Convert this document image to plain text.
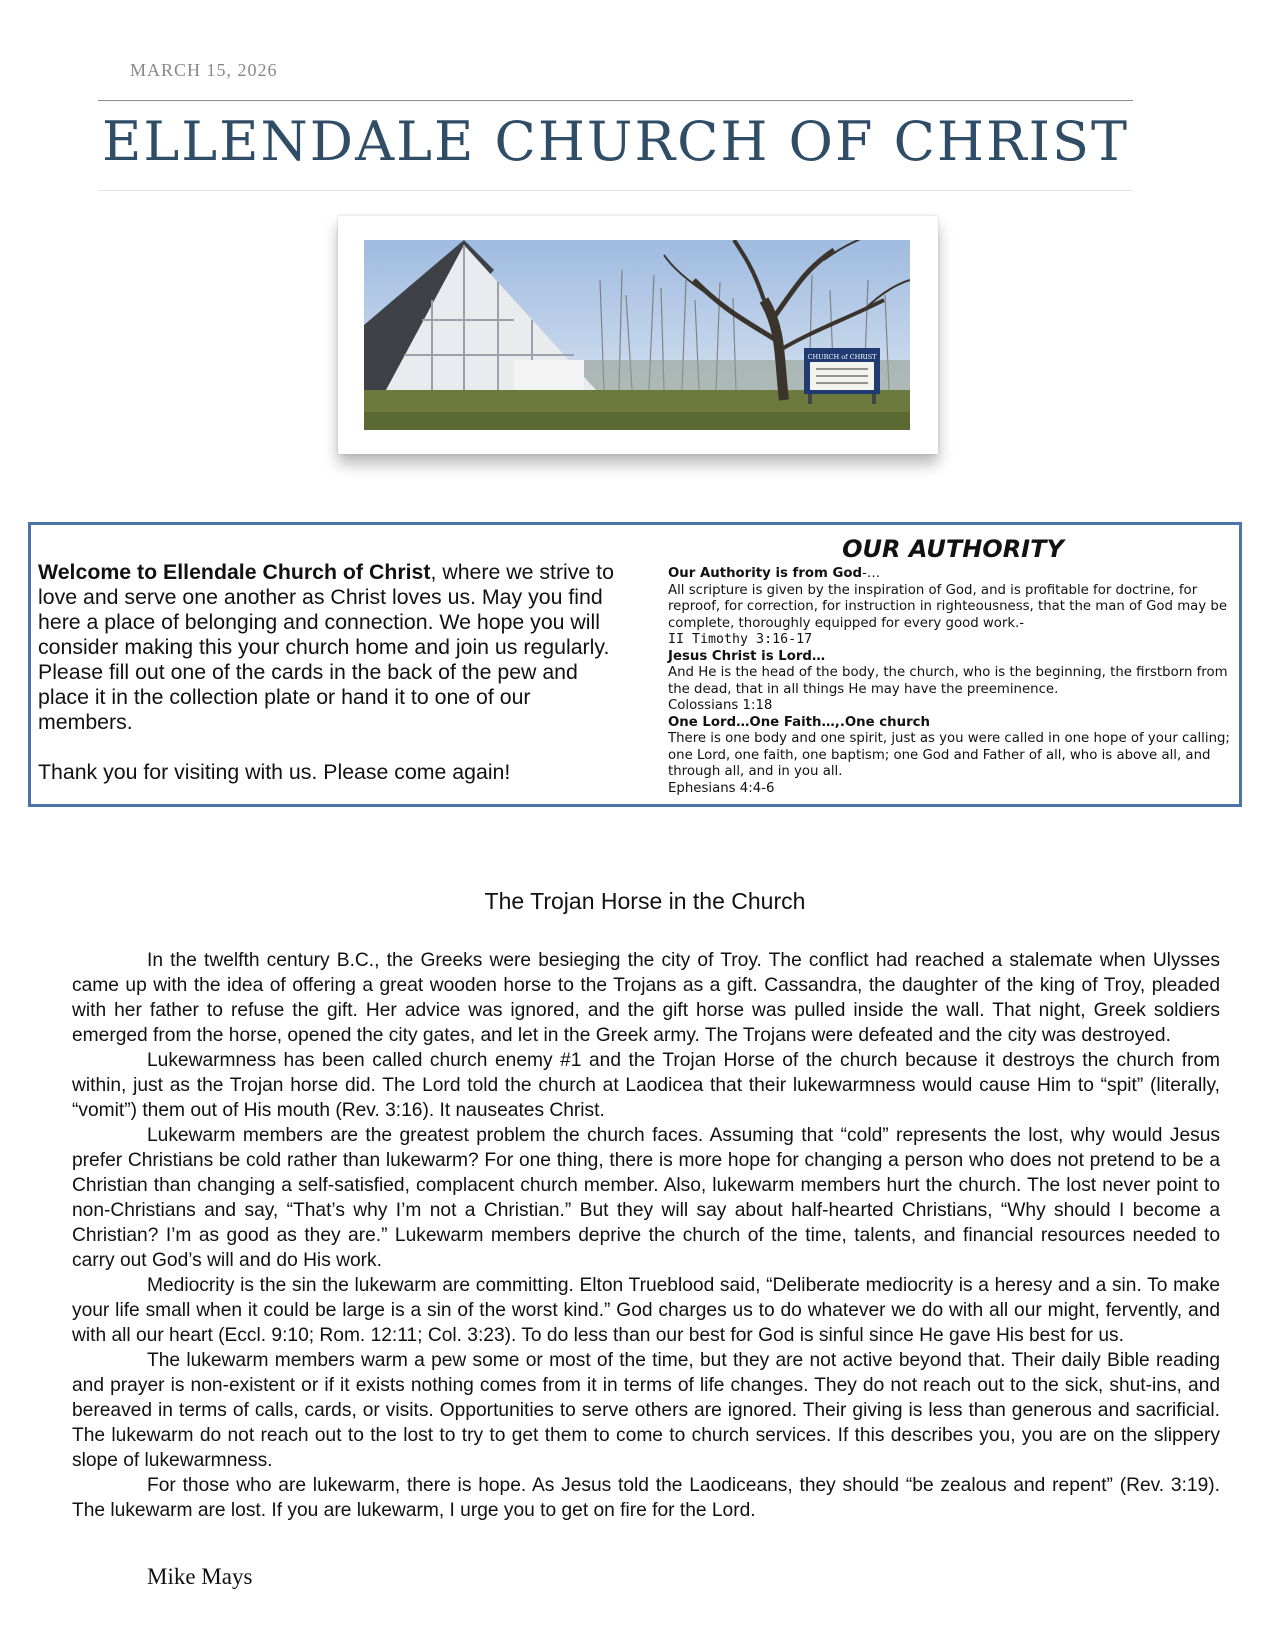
MARCH 15, 2026
ELLENDALE CHURCH OF CHRIST
CHURCH of CHRIST

Welcome to Ellendale Church of Christ, where we strive to love and serve one another as Christ loves us. May you find here a place of belonging and connection. We hope you will consider making this your church home and join us regularly. Please fill out one of the cards in the back of the pew and place it in the collection plate or hand it to one of our members.

Thank you for visiting with us. Please come again!

OUR AUTHORITY
Our Authority is from God-…
All scripture is given by the inspiration of God, and is profitable for doctrine, for reproof, for correction, for instruction in righteousness, that the man of God may be complete, thoroughly equipped for every good work.-
II Timothy 3:16-17
Jesus Christ is Lord…
And He is the head of the body, the church, who is the beginning, the firstborn from the dead, that in all things He may have the preeminence.
Colossians 1:18
One Lord…One Faith…,.One church
There is one body and one spirit, just as you were called in one hope of your calling; one Lord, one faith, one baptism; one God and Father of all, who is above all, and through all, and in you all.
Ephesians 4:4-6
The Trojan Horse in the Church

In the twelfth century B.C., the Greeks were besieging the city of Troy. The conflict had reached a stalemate when Ulysses came up with the idea of offering a great wooden horse to the Trojans as a gift. Cassandra, the daughter of the king of Troy, pleaded with her father to refuse the gift. Her advice was ignored, and the gift horse was pulled inside the wall. That night, Greek soldiers emerged from the horse, opened the city gates, and let in the Greek army. The Trojans were defeated and the city was destroyed.

Lukewarmness has been called church enemy #1 and the Trojan Horse of the church because it destroys the church from within, just as the Trojan horse did. The Lord told the church at Laodicea that their lukewarmness would cause Him to “spit” (literally, “vomit”) them out of His mouth (Rev. 3:16). It nauseates Christ.

Lukewarm members are the greatest problem the church faces. Assuming that “cold” represents the lost, why would Jesus prefer Christians be cold rather than lukewarm? For one thing, there is more hope for changing a person who does not pretend to be a Christian than changing a self-satisfied, complacent church member. Also, lukewarm members hurt the church. The lost never point to non-Christians and say, “That’s why I’m not a Christian.” But they will say about half-hearted Christians, “Why should I become a Christian? I’m as good as they are.” Lukewarm members deprive the church of the time, talents, and financial resources needed to carry out God’s will and do His work.

Mediocrity is the sin the lukewarm are committing. Elton Trueblood said, “Deliberate mediocrity is a heresy and a sin. To make your life small when it could be large is a sin of the worst kind.” God charges us to do whatever we do with all our might, fervently, and with all our heart (Eccl. 9:10; Rom. 12:11; Col. 3:23). To do less than our best for God is sinful since He gave His best for us.

The lukewarm members warm a pew some or most of the time, but they are not active beyond that. Their daily Bible reading and prayer is non-existent or if it exists nothing comes from it in terms of life changes. They do not reach out to the sick, shut-ins, and bereaved in terms of calls, cards, or visits. Opportunities to serve others are ignored. Their giving is less than generous and sacrificial. The lukewarm do not reach out to the lost to try to get them to come to church services. If this describes you, you are on the slippery slope of lukewarmness.

For those who are lukewarm, there is hope. As Jesus told the Laodiceans, they should “be zealous and repent” (Rev. 3:19). The lukewarm are lost. If you are lukewarm, I urge you to get on fire for the Lord.

Mike Mays
